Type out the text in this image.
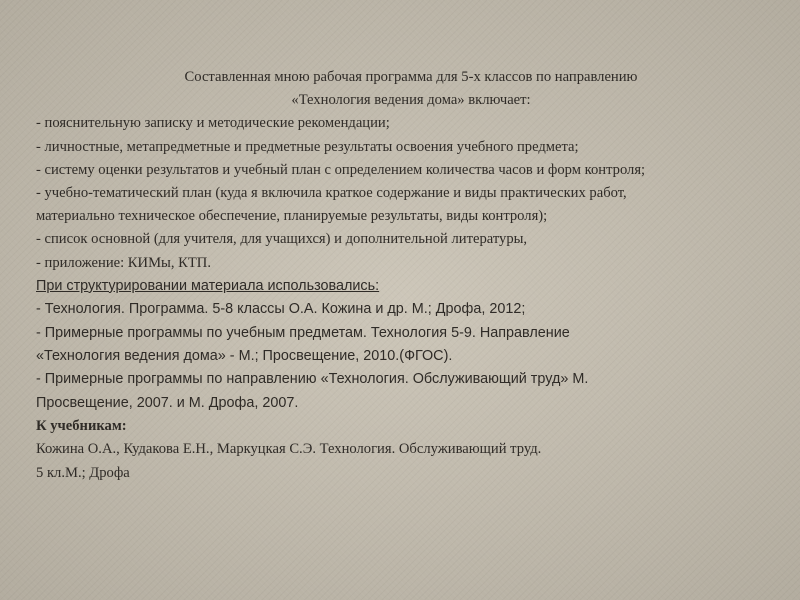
Составленная мною рабочая программа для 5-х классов по направлению
«Технология ведения дома» включает:
- пояснительную записку и методические рекомендации;
- личностные, метапредметные и предметные результаты освоения учебного предмета;
- систему оценки результатов и учебный план с определением количества часов и форм контроля;
- учебно-тематический план (куда я включила краткое содержание и виды практических работ,
материально техническое обеспечение, планируемые результаты, виды контроля);
- список основной (для учителя, для учащихся) и дополнительной литературы,
- приложение: КИМы, КТП.
При структурировании материала использовались:
- Технология. Программа. 5-8 классы О.А. Кожина и др. М.; Дрофа, 2012;
- Примерные программы по учебным предметам. Технология 5-9. Направление
«Технология ведения дома» - М.; Просвещение, 2010.(ФГОС).
- Примерные программы по направлению «Технология. Обслуживающий труд» М.
Просвещение, 2007. и М. Дрофа, 2007.
К учебникам:
Кожина О.А., Кудакова Е.Н., Маркуцкая С.Э. Технология. Обслуживающий труд.
5 кл.М.; Дрофа
